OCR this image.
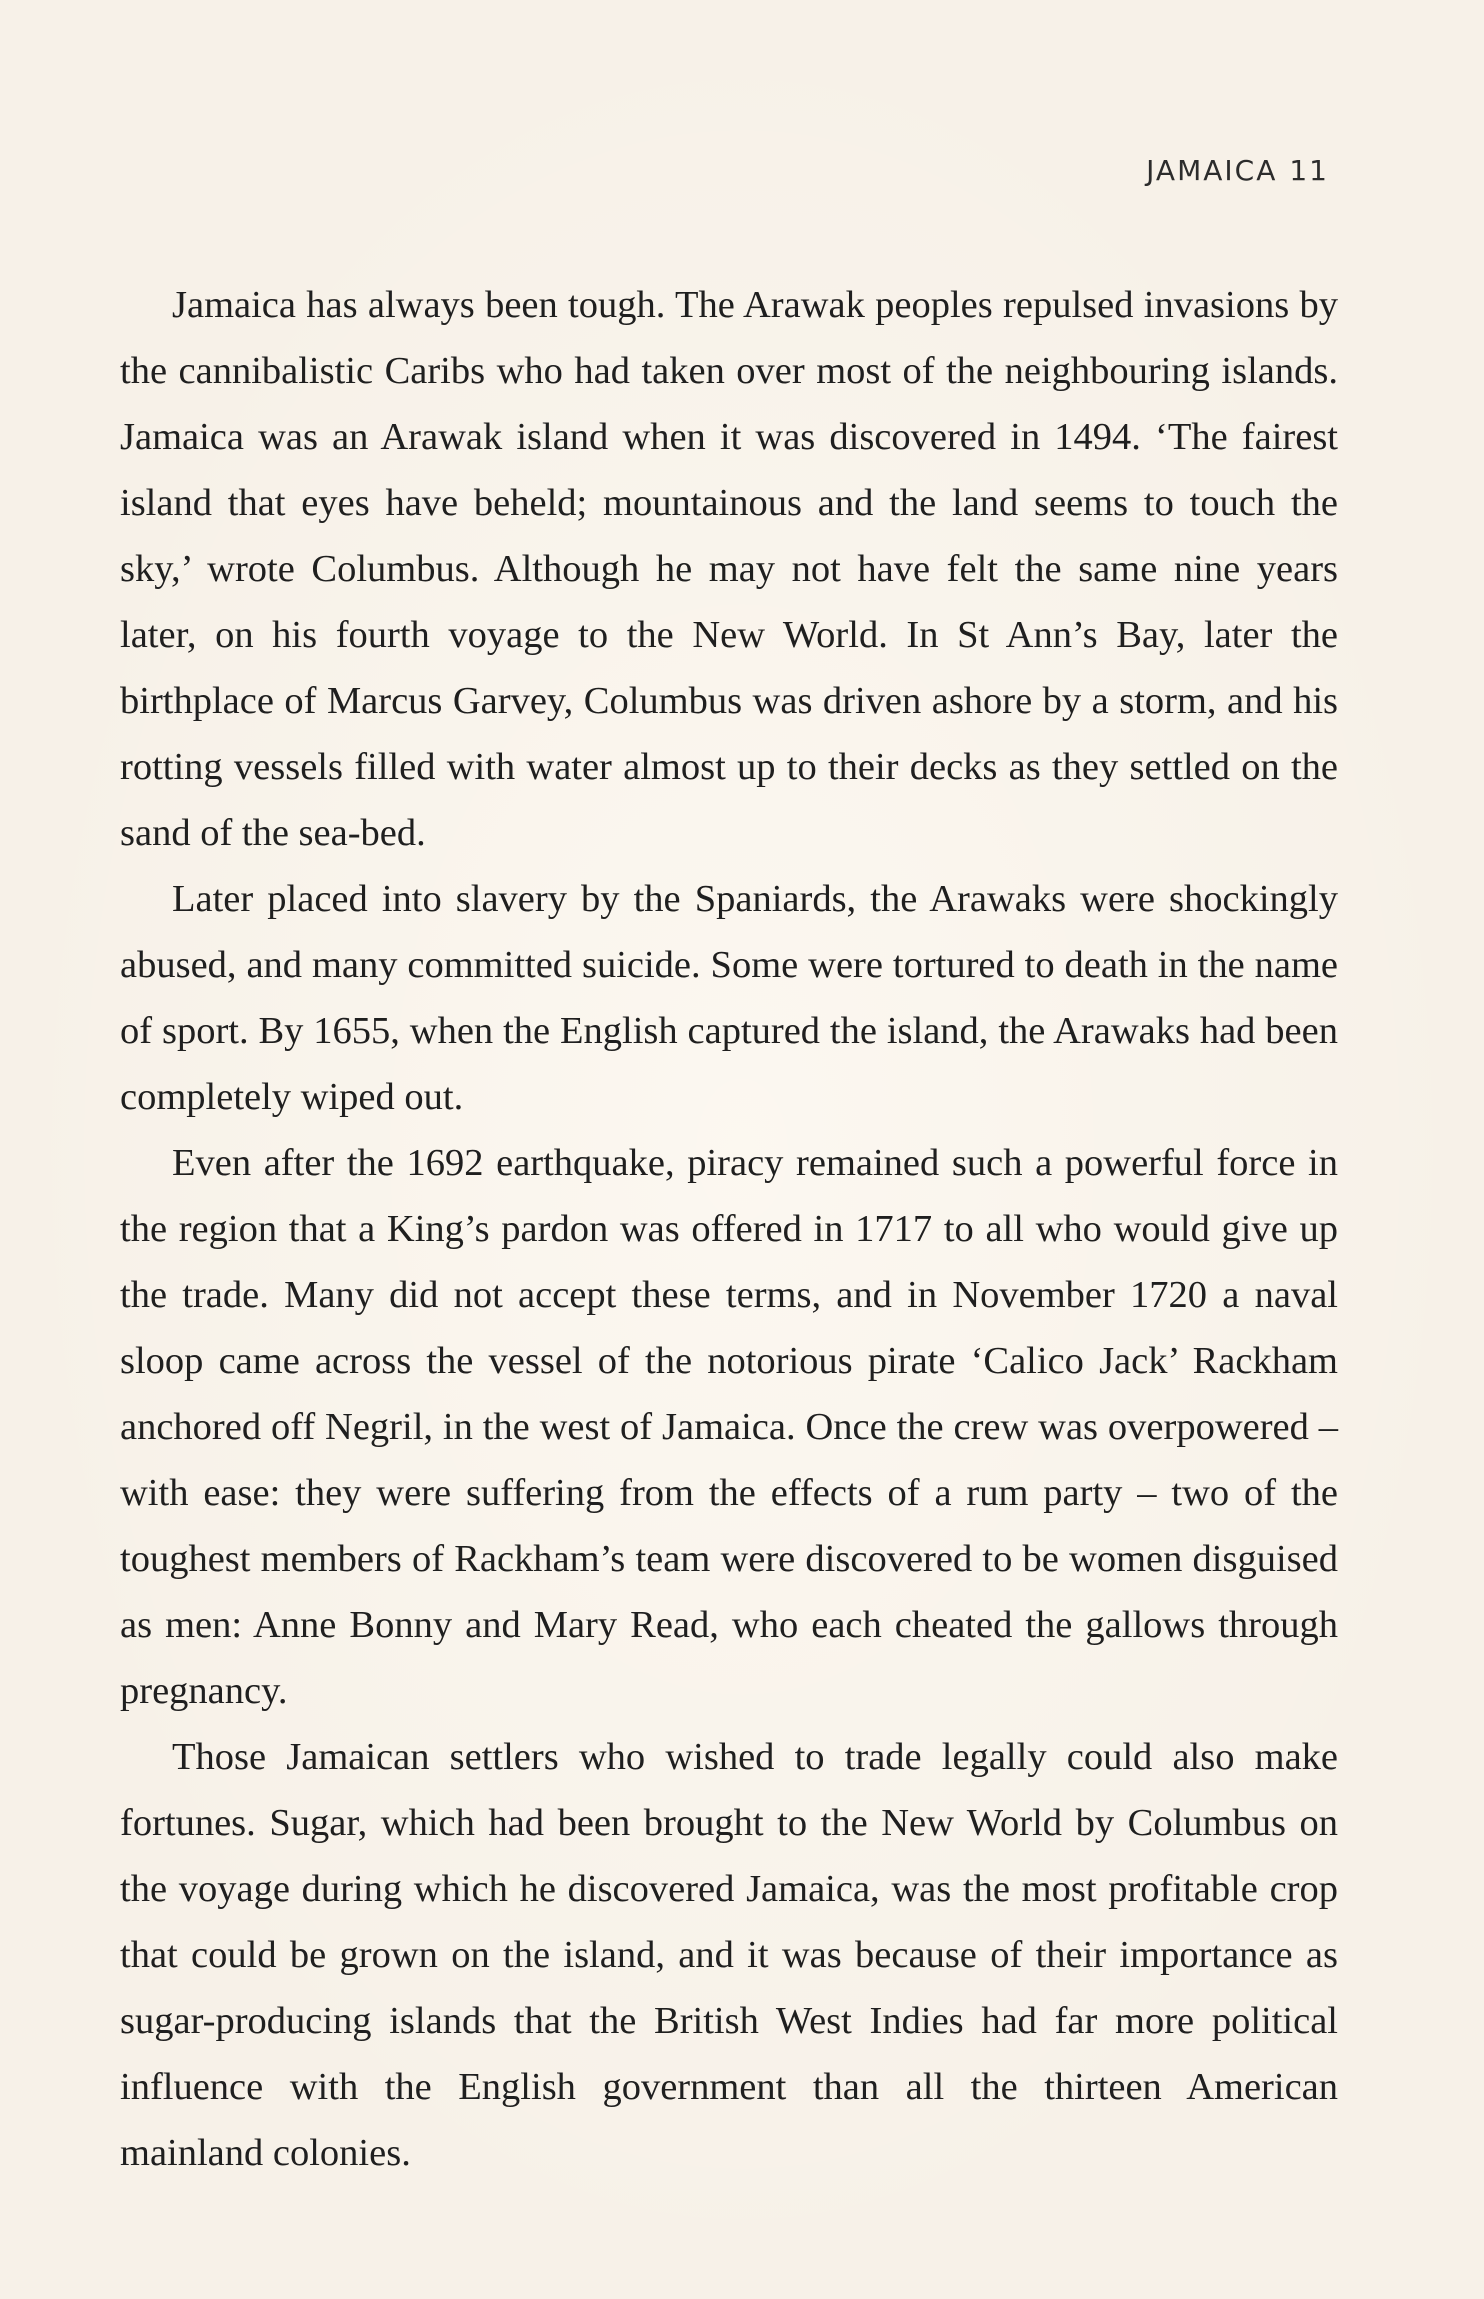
JAMAICA 11

Jamaica has always been tough. The Arawak peoples repulsed invasions by the cannibalistic Caribs who had taken over most of the neighbouring islands. Jamaica was an Arawak island when it was discovered in 1494. ‘The fairest island that eyes have beheld; mountainous and the land seems to touch the sky,’ wrote Columbus. Although he may not have felt the same nine years later, on his fourth voyage to the New World. In St Ann’s Bay, later the birthplace of Marcus Garvey, Columbus was driven ashore by a storm, and his rotting vessels filled with water almost up to their decks as they settled on the sand of the sea-bed.

Later placed into slavery by the Spaniards, the Arawaks were shockingly abused, and many committed suicide. Some were tortured to death in the name of sport. By 1655, when the English captured the island, the Arawaks had been completely wiped out.

Even after the 1692 earthquake, piracy remained such a powerful force in the region that a King’s pardon was offered in 1717 to all who would give up the trade. Many did not accept these terms, and in November 1720 a naval sloop came across the vessel of the notorious pirate ‘Calico Jack’ Rackham anchored off Negril, in the west of Jamaica. Once the crew was overpowered – with ease: they were suffering from the effects of a rum party – two of the toughest members of Rackham’s team were discovered to be women disguised as men: Anne Bonny and Mary Read, who each cheated the gallows through pregnancy.

Those Jamaican settlers who wished to trade legally could also make fortunes. Sugar, which had been brought to the New World by Columbus on the voyage during which he discovered Jamaica, was the most profitable crop that could be grown on the island, and it was because of their importance as sugar-producing islands that the British West Indies had far more political influence with the English government than all the thirteen American mainland colonies.
